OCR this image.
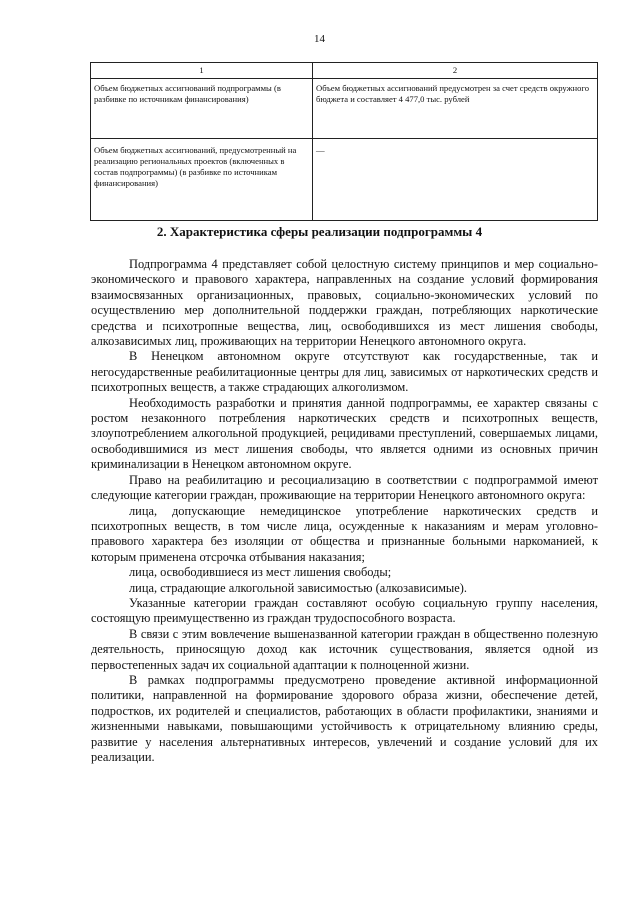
14
1	2
Объем бюджетных ассигнований подпрограммы (в разбивке по источникам финансирования)	Объем бюджетных ассигнований предусмотрен за счет средств окружного бюджета и составляет 4 477,0 тыс. рублей
Объем бюджетных ассигнований, предусмотренный на реализацию региональных проектов (включенных в состав подпрограммы) (в разбивке по источникам финансирования)	—
2. Характеристика сферы реализации подпрограммы 4

Подпрограмма 4 представляет собой целостную систему принципов и мер социально-экономического и правового характера, направленных на создание условий формирования взаимосвязанных организационных, правовых, социально-экономических условий по осуществлению мер дополнительной поддержки граждан, потребляющих наркотические средства и психотропные вещества, лиц, освободившихся из мест лишения свободы, алкозависимых лиц, проживающих на территории Ненецкого автономного округа.

В Ненецком автономном округе отсутствуют как государственные, так и негосударственные реабилитационные центры для лиц, зависимых от наркотических средств и психотропных веществ, а также страдающих алкоголизмом.

Необходимость разработки и принятия данной подпрограммы, ее характер связаны с ростом незаконного потребления наркотических средств и психотропных веществ, злоупотреблением алкогольной продукцией, рецидивами преступлений, совершаемых лицами, освободившимися из мест лишения свободы, что является одними из основных причин криминализации в Ненецком автономном округе.

Право на реабилитацию и ресоциализацию в соответствии с подпрограммой имеют следующие категории граждан, проживающие на территории Ненецкого автономного округа:

лица, допускающие немедицинское употребление наркотических средств и психотропных веществ, в том числе лица, осужденные к наказаниям и мерам уголовно-правового характера без изоляции от общества и признанные больными наркоманией, к которым применена отсрочка отбывания наказания;

лица, освободившиеся из мест лишения свободы;

лица, страдающие алкогольной зависимостью (алкозависимые).

Указанные категории граждан составляют особую социальную группу населения, состоящую преимущественно из граждан трудоспособного возраста.

В связи с этим вовлечение вышеназванной категории граждан в общественно полезную деятельность, приносящую доход как источник существования, является одной из первостепенных задач их социальной адаптации к полноценной жизни.

В рамках подпрограммы предусмотрено проведение активной информационной политики, направленной на формирование здорового образа жизни, обеспечение детей, подростков, их родителей и специалистов, работающих в области профилактики, знаниями и жизненными навыками, повышающими устойчивость к отрицательному влиянию среды, развитие у населения альтернативных интересов, увлечений и создание условий для их реализации.
